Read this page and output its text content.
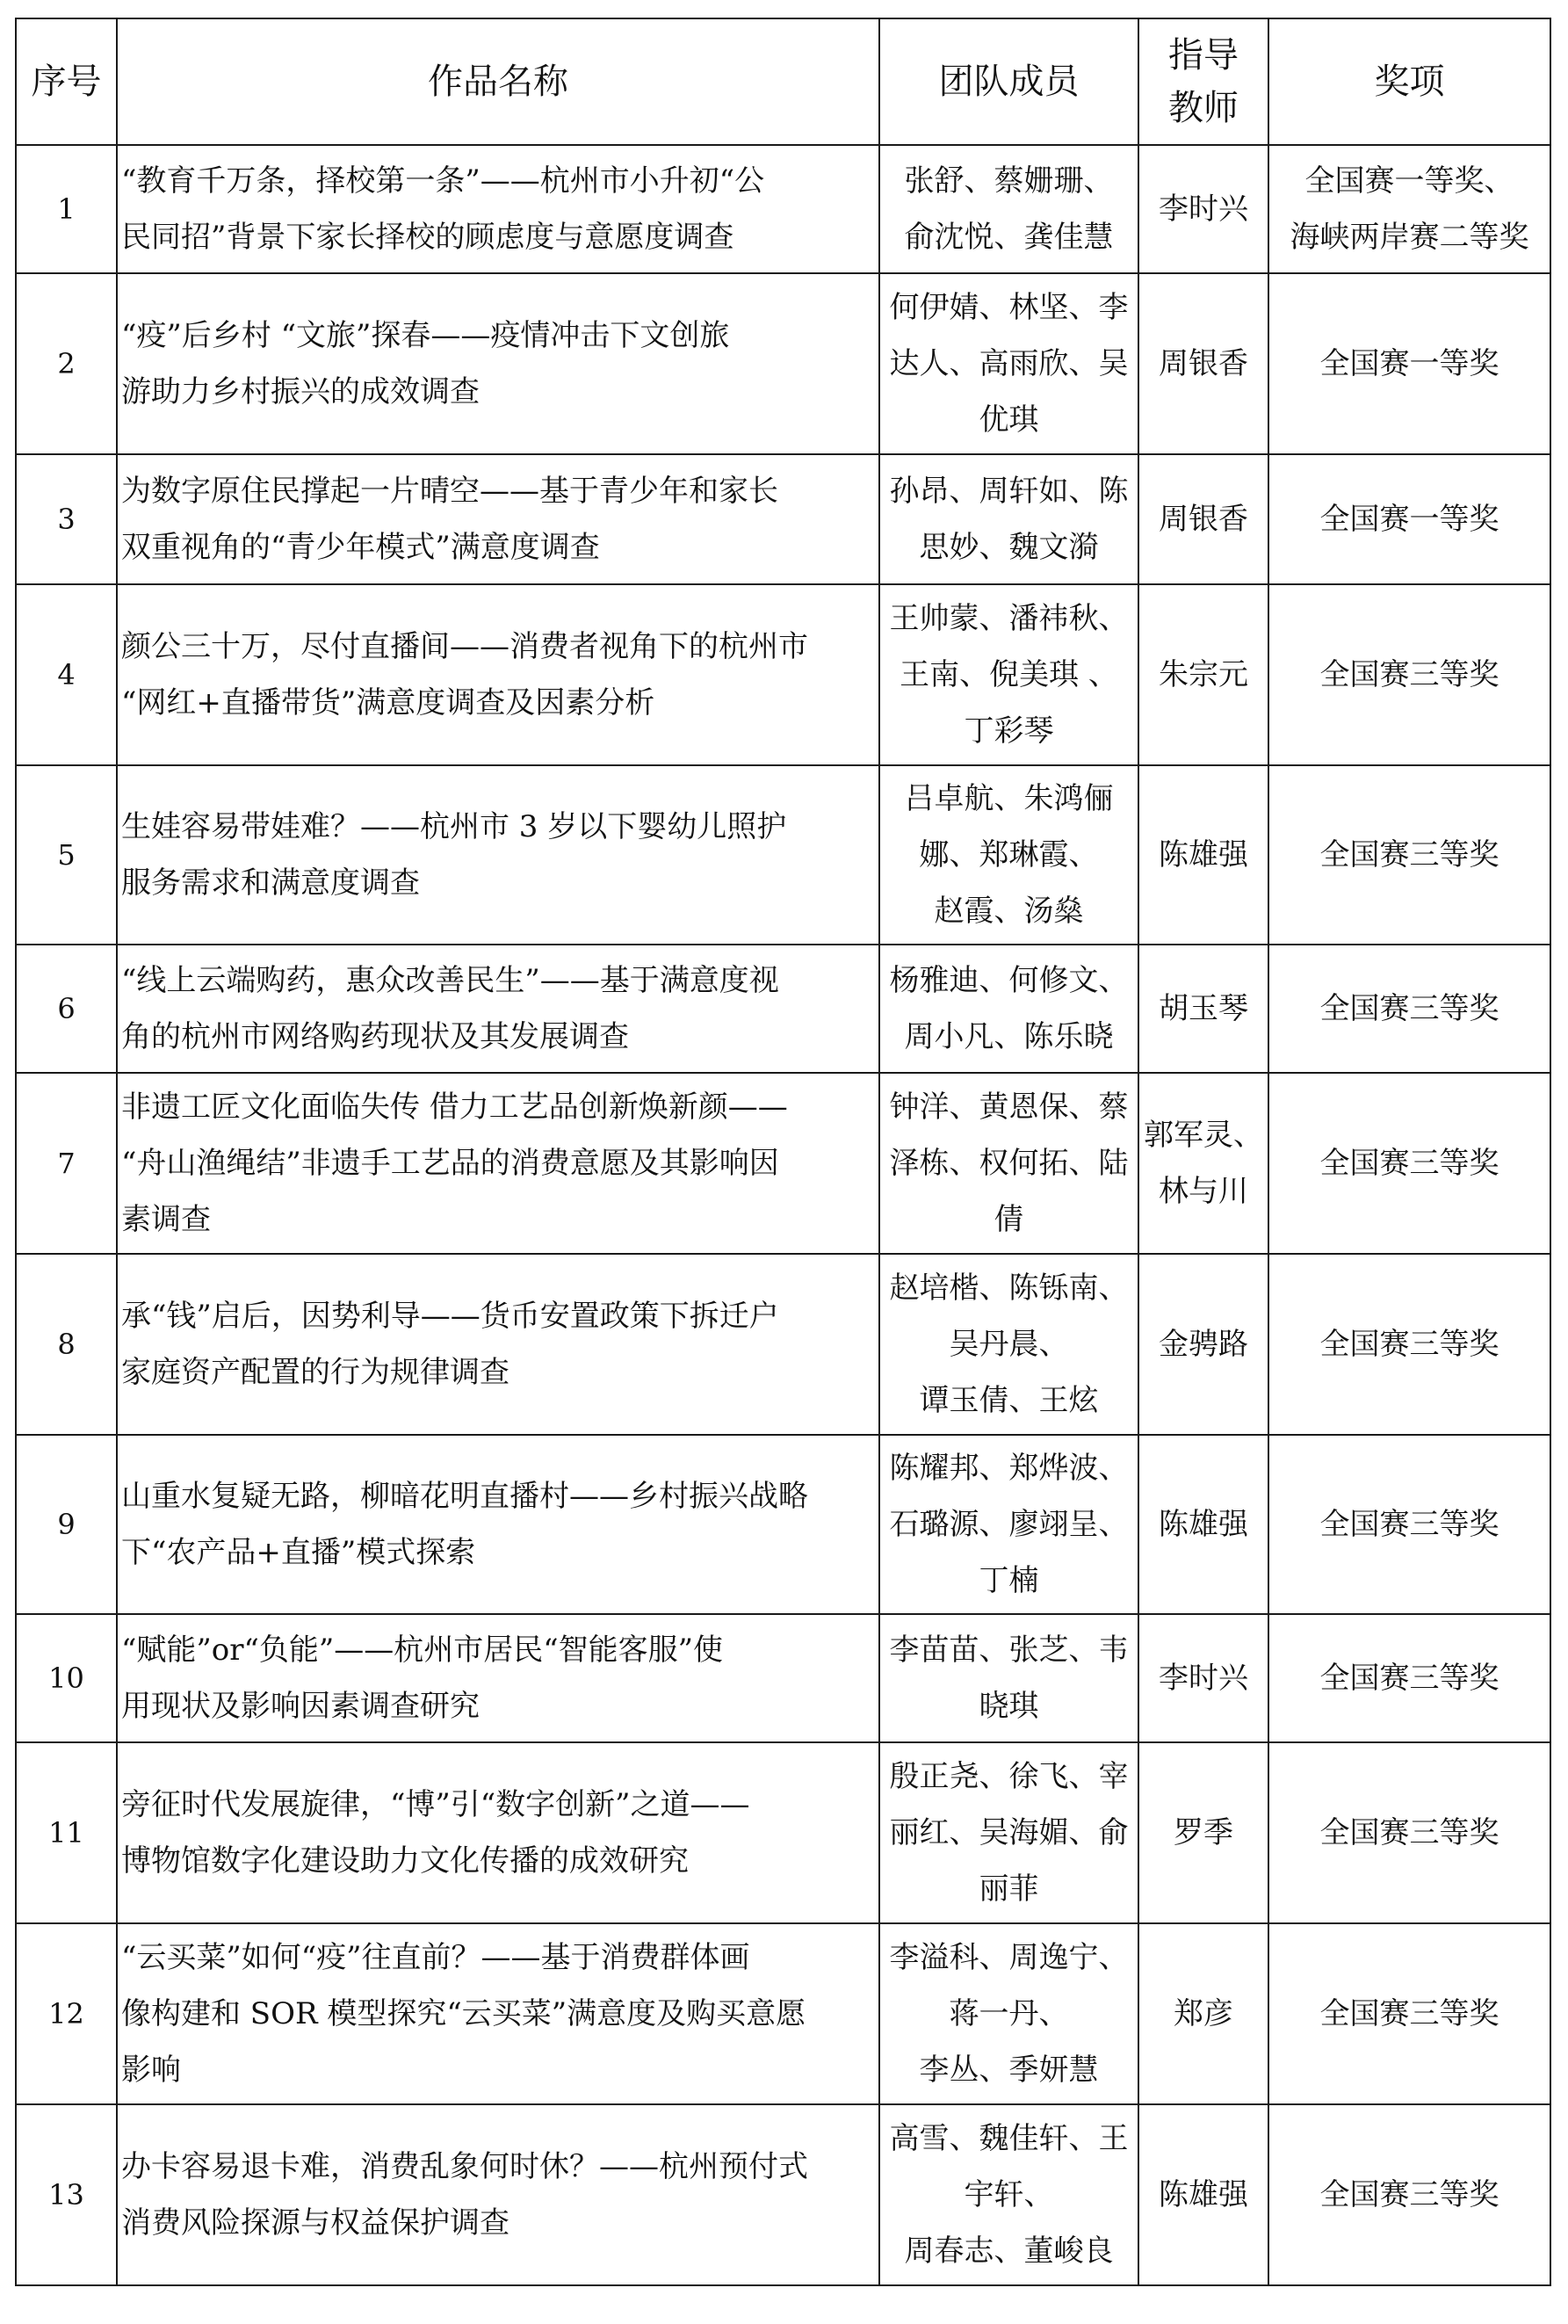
序号	作品名称	团队成员	指导
教师	奖项
1	“教育千万条，择校第一条”——杭州市小升初“公
民同招”背景下家长择校的顾虑度与意愿度调查	张舒、蔡姗珊、
俞沈悦、龚佳慧	李时兴	全国赛一等奖、
海峡两岸赛二等奖

2	“疫”后乡村 “文旅”探春——疫情冲击下文创旅
游助力乡村振兴的成效调查	何伊婧、林坚、李
达人、高雨欣、吴
优琪	周银香	全国赛一等奖

3	为数字原住民撑起一片晴空——基于青少年和家长
双重视角的“青少年模式”满意度调查	孙昂、周轩如、陈
思妙、魏文漪	周银香	全国赛一等奖

4	颜公三十万，尽付直播间——消费者视角下的杭州市
“网红+直播带货”满意度调查及因素分析	王帅蒙、潘祎秋、
王南、倪美琪 、
丁彩琴	朱宗元	全国赛三等奖

5	生娃容易带娃难？——杭州市 3 岁以下婴幼儿照护
服务需求和满意度调查	吕卓航、朱鸿俪
娜、郑琳霞、
赵霞、汤燊	陈雄强	全国赛三等奖

6	“线上云端购药，惠众改善民生”——基于满意度视
角的杭州市网络购药现状及其发展调查	杨雅迪、何修文、
周小凡、陈乐晓	胡玉琴	全国赛三等奖

7	非遗工匠文化面临失传 借力工艺品创新焕新颜——
“舟山渔绳结”非遗手工艺品的消费意愿及其影响因
素调查	钟洋、黄恩保、蔡
泽栋、权何拓、陆
倩	郭军灵、
林与川	全国赛三等奖

8	承“钱”启后，因势利导——货币安置政策下拆迁户
家庭资产配置的行为规律调查	赵培楷、陈铄南、
吴丹晨、
谭玉倩、王炫	金骋路	全国赛三等奖

9	山重水复疑无路，柳暗花明直播村——乡村振兴战略
下“农产品+直播”模式探索	陈耀邦、郑烨波、
石璐源、廖翊呈、
丁楠	陈雄强	全国赛三等奖

10	“赋能”or“负能”——杭州市居民“智能客服”使
用现状及影响因素调查研究	李苗苗、张芝、韦
晓琪	李时兴	全国赛三等奖

11	旁征时代发展旋律，“博”引“数字创新”之道——
博物馆数字化建设助力文化传播的成效研究	殷正尧、徐飞、宰
丽红、吴海媚、俞
丽菲	罗季	全国赛三等奖

12	“云买菜”如何“疫”往直前？——基于消费群体画
像构建和 SOR 模型探究“云买菜”满意度及购买意愿
影响	李溢科、周逸宁、
蒋一丹、
李丛、季妍慧	郑彦	全国赛三等奖

13	办卡容易退卡难，消费乱象何时休？——杭州预付式
消费风险探源与权益保护调查	高雪、魏佳轩、王
宇轩、
周春志、董峻良	陈雄强	全国赛三等奖
